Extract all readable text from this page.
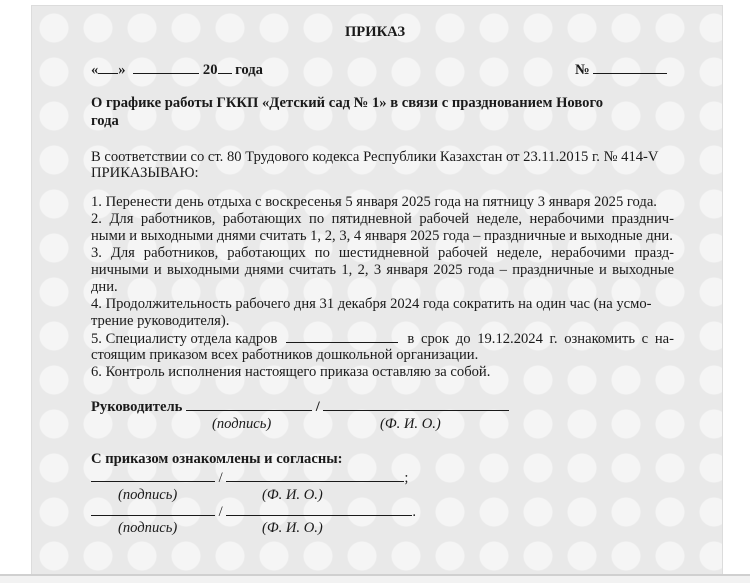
ПРИКАЗ
« »	20 года	№
О графике работы ГККП «Детский сад № 1» в связи с празднованием Нового
года
В соответствии со ст. 80 Трудового кодекса Республики Казахстан от 23.11.2015 г. № 414-V
ПРИКАЗЫВАЮ:
1. Перенести день отдыха с воскресенья 5 января 2025 года на пятницу 3 января 2025 года.
2. Для работников, работающих по пятидневной рабочей неделе, нерабочими празднич-
ными и выходными днями считать 1, 2, 3, 4 января 2025 года – праздничные и выходные дни.
3. Для работников, работающих по шестидневной рабочей неделе, нерабочими празд-
ничными и выходными днями считать 1, 2, 3 января 2025 года – праздничные и выходные
дни.
4. Продолжительность рабочего дня 31 декабря 2024 года сократить на один час (на усмо-
трение руководителя).
5. Специалисту отдела кадров	в срок до 19.12.2024 г. ознакомить с на-
стоящим приказом всех работников дошкольной организации.
6. Контроль исполнения настоящего приказа оставляю за собой.
Руководитель	/
(подпись)	(Ф. И. О.)
С приказом ознакомлены и согласны:
/	;
(подпись)	(Ф. И. О.)
/	.
(подпись)	(Ф. И. О.)
